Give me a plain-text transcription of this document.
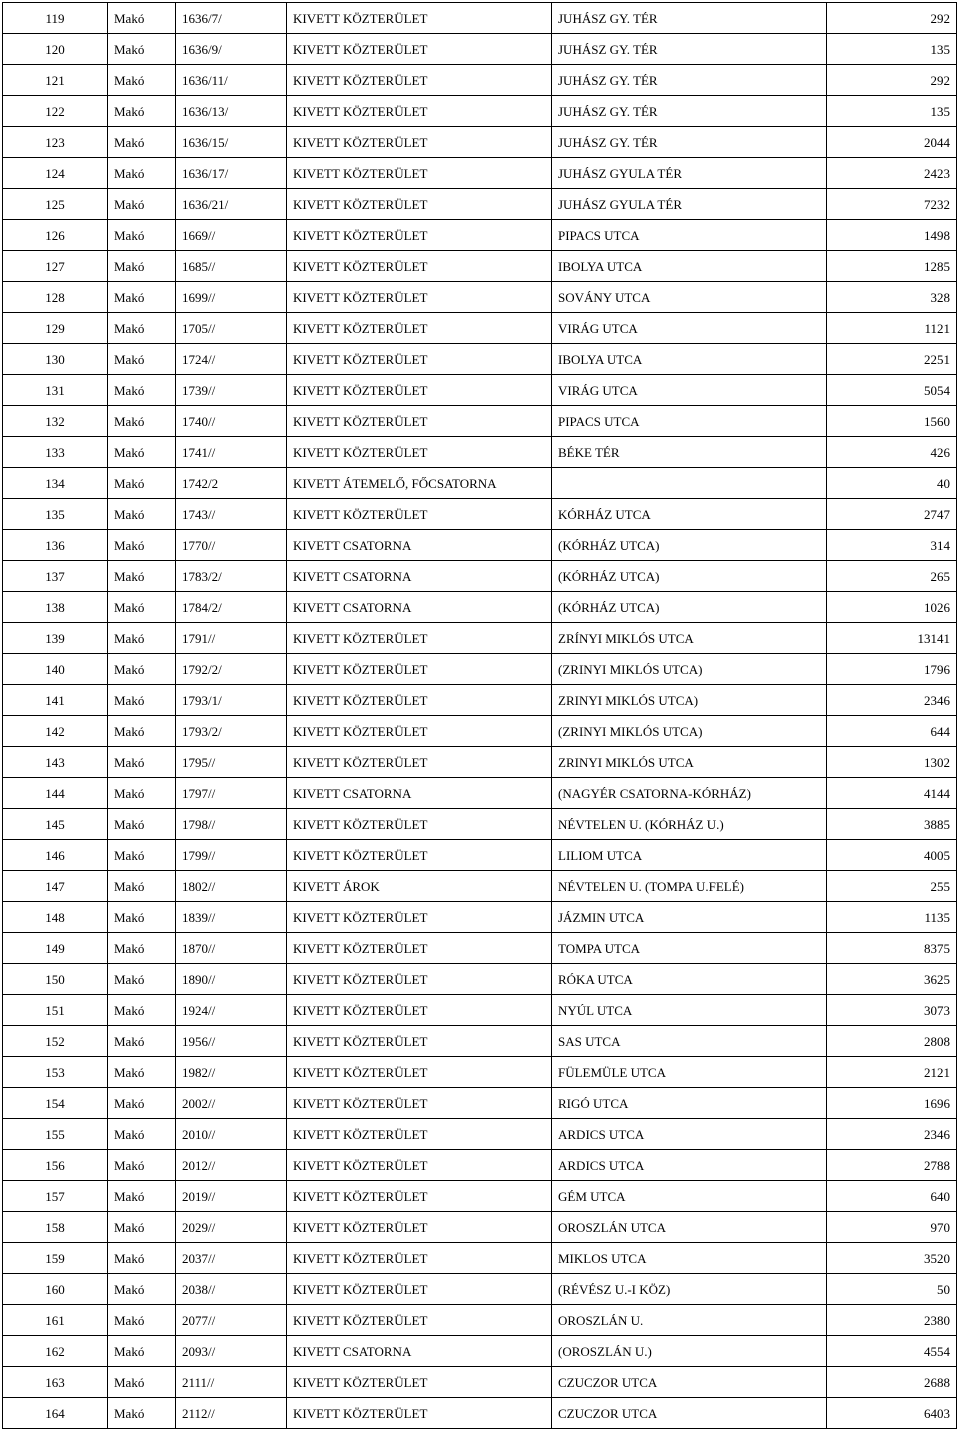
119	Makó	1636/7/	KIVETT KÖZTERÜLET	JUHÁSZ GY. TÉR	292
120	Makó	1636/9/	KIVETT KÖZTERÜLET	JUHÁSZ GY. TÉR	135
121	Makó	1636/11/	KIVETT KÖZTERÜLET	JUHÁSZ GY. TÉR	292
122	Makó	1636/13/	KIVETT KÖZTERÜLET	JUHÁSZ GY. TÉR	135
123	Makó	1636/15/	KIVETT KÖZTERÜLET	JUHÁSZ GY. TÉR	2044
124	Makó	1636/17/	KIVETT KÖZTERÜLET	JUHÁSZ GYULA TÉR	2423
125	Makó	1636/21/	KIVETT KÖZTERÜLET	JUHÁSZ GYULA TÉR	7232
126	Makó	1669//	KIVETT KÖZTERÜLET	PIPACS UTCA	1498
127	Makó	1685//	KIVETT KÖZTERÜLET	IBOLYA UTCA	1285
128	Makó	1699//	KIVETT KÖZTERÜLET	SOVÁNY UTCA	328
129	Makó	1705//	KIVETT KÖZTERÜLET	VIRÁG UTCA	1121
130	Makó	1724//	KIVETT KÖZTERÜLET	IBOLYA UTCA	2251
131	Makó	1739//	KIVETT KÖZTERÜLET	VIRÁG UTCA	5054
132	Makó	1740//	KIVETT KÖZTERÜLET	PIPACS UTCA	1560
133	Makó	1741//	KIVETT KÖZTERÜLET	BÉKE TÉR	426
134	Makó	1742/2	KIVETT ÁTEMELŐ, FŐCSATORNA		40
135	Makó	1743//	KIVETT KÖZTERÜLET	KÓRHÁZ UTCA	2747
136	Makó	1770//	KIVETT CSATORNA	(KÓRHÁZ UTCA)	314
137	Makó	1783/2/	KIVETT CSATORNA	(KÓRHÁZ UTCA)	265
138	Makó	1784/2/	KIVETT CSATORNA	(KÓRHÁZ UTCA)	1026
139	Makó	1791//	KIVETT KÖZTERÜLET	ZRÍNYI MIKLÓS UTCA	13141
140	Makó	1792/2/	KIVETT KÖZTERÜLET	(ZRINYI MIKLÓS UTCA)	1796
141	Makó	1793/1/	KIVETT KÖZTERÜLET	ZRINYI MIKLÓS UTCA)	2346
142	Makó	1793/2/	KIVETT KÖZTERÜLET	(ZRINYI MIKLÓS UTCA)	644
143	Makó	1795//	KIVETT KÖZTERÜLET	ZRINYI MIKLÓS UTCA	1302
144	Makó	1797//	KIVETT CSATORNA	(NAGYÉR CSATORNA-KÓRHÁZ)	4144
145	Makó	1798//	KIVETT KÖZTERÜLET	NÉVTELEN U. (KÓRHÁZ U.)	3885
146	Makó	1799//	KIVETT KÖZTERÜLET	LILIOM UTCA	4005
147	Makó	1802//	KIVETT ÁROK	NÉVTELEN U. (TOMPA U.FELÉ)	255
148	Makó	1839//	KIVETT KÖZTERÜLET	JÁZMIN UTCA	1135
149	Makó	1870//	KIVETT KÖZTERÜLET	TOMPA UTCA	8375
150	Makó	1890//	KIVETT KÖZTERÜLET	RÓKA UTCA	3625
151	Makó	1924//	KIVETT KÖZTERÜLET	NYÚL UTCA	3073
152	Makó	1956//	KIVETT KÖZTERÜLET	SAS UTCA	2808
153	Makó	1982//	KIVETT KÖZTERÜLET	FÜLEMÜLE UTCA	2121
154	Makó	2002//	KIVETT KÖZTERÜLET	RIGÓ UTCA	1696
155	Makó	2010//	KIVETT KÖZTERÜLET	ARDICS UTCA	2346
156	Makó	2012//	KIVETT KÖZTERÜLET	ARDICS UTCA	2788
157	Makó	2019//	KIVETT KÖZTERÜLET	GÉM UTCA	640
158	Makó	2029//	KIVETT KÖZTERÜLET	OROSZLÁN UTCA	970
159	Makó	2037//	KIVETT KÖZTERÜLET	MIKLOS UTCA	3520
160	Makó	2038//	KIVETT KÖZTERÜLET	(RÉVÉSZ U.-I KÖZ)	50
161	Makó	2077//	KIVETT KÖZTERÜLET	OROSZLÁN U.	2380
162	Makó	2093//	KIVETT CSATORNA	(OROSZLÁN U.)	4554
163	Makó	2111//	KIVETT KÖZTERÜLET	CZUCZOR UTCA	2688
164	Makó	2112//	KIVETT KÖZTERÜLET	CZUCZOR UTCA	6403
